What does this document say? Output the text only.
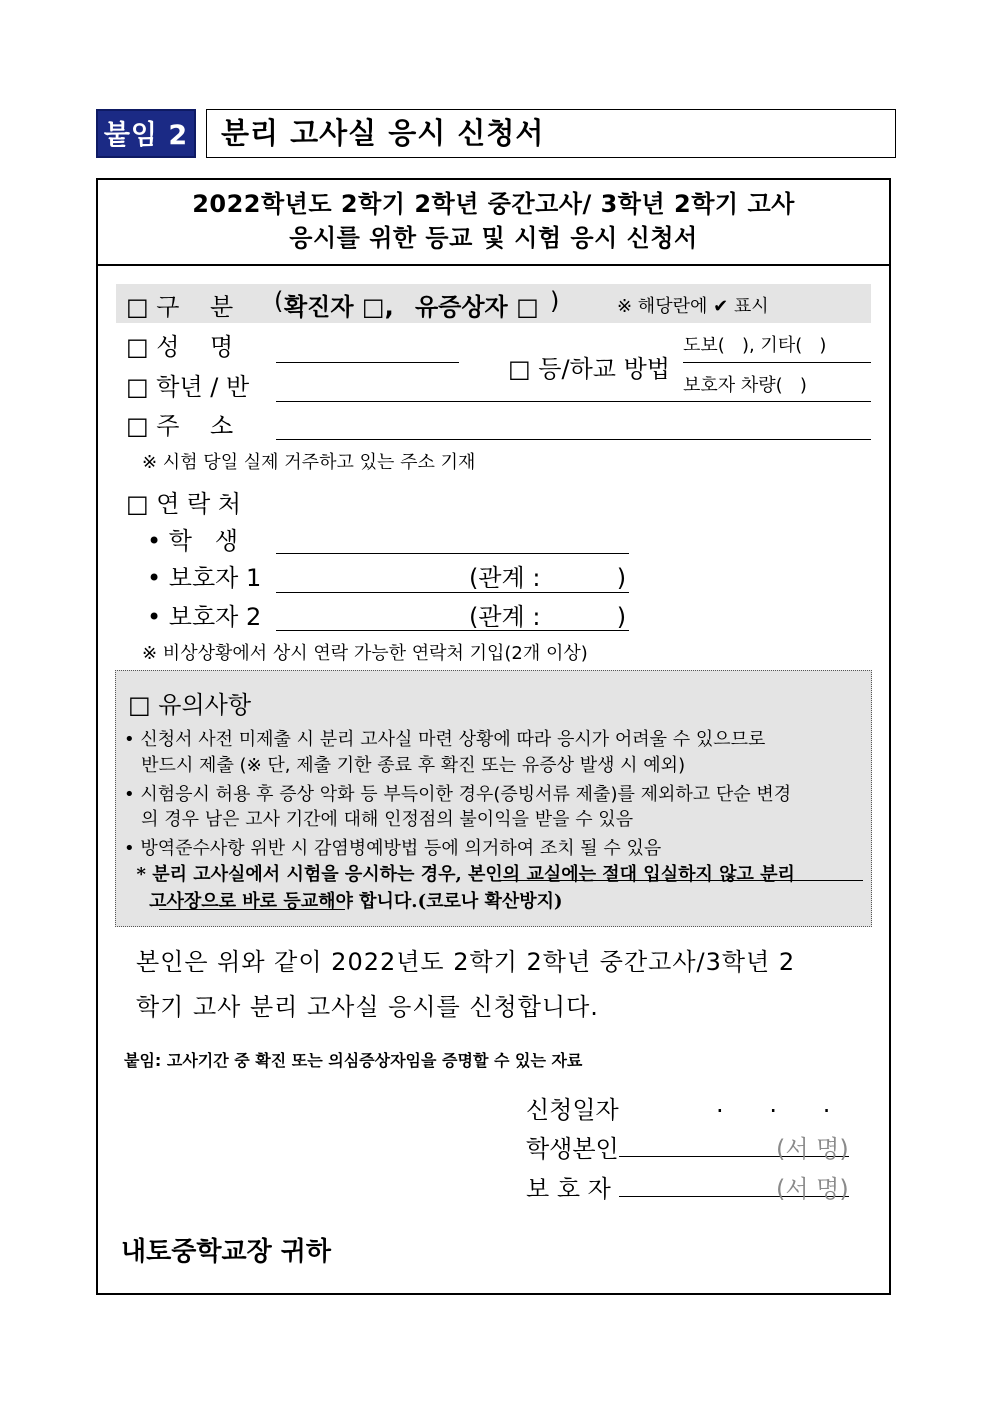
붙임 2	분리 고사실 응시 신청서
2022학년도 2학기 2학년 중간고사/ 3학년 2학기 고사
응시를 위한 등교 및 시험 응시 신청서
□ 구    분 ( 확진자 □, 유증상자 □ )	※ 해당란에 ✔ 표시
□ 성    명
□ 학년 / 반
□ 등/하교 방법
도보(   ), 기타(   )
보호자 차량(   )
□ 주    소
※ 시험 당일 실제 거주하고 있는 주소 기재
□ 연 락 처
• 학   생
• 보호자 1	(관계 :          )
• 보호자 2	(관계 :          )
※ 비상상황에서 상시 연락 가능한 연락처 기입(2개 이상)
□ 유의사항
• 신청서 사전 미제출 시 분리 고사실 마련 상황에 따라 응시가 어려울 수 있으므로
반드시 제출 (※ 단, 제출 기한 종료 후 확진 또는 유증상 발생 시 예외)
• 시험응시 허용 후 증상 악화 등 부득이한 경우(증빙서류 제출)를 제외하고 단순 변경
의 경우 남은 고사 기간에 대해 인정점의 불이익을 받을 수 있음
• 방역준수사항 위반 시 감염병예방법 등에 의거하여 조치 될 수 있음
* 분리 고사실에서 시험을 응시하는 경우, 본인의 교실에는 절대 입실하지 않고 분리
고사장으로 바로 등교해야 합니다.(코로나 확산방지)
본인은 위와 같이 2022년도 2학기 2학년 중간고사/3학년 2
학기 고사 분리 고사실 응시를 신청합니다.
붙임: 고사기간 중 확진 또는 의심증상자임을 증명할 수 있는 자료
신청일자	.      .      .
학생본인	(서 명)
보 호 자	(서 명)
내토중학교장 귀하
